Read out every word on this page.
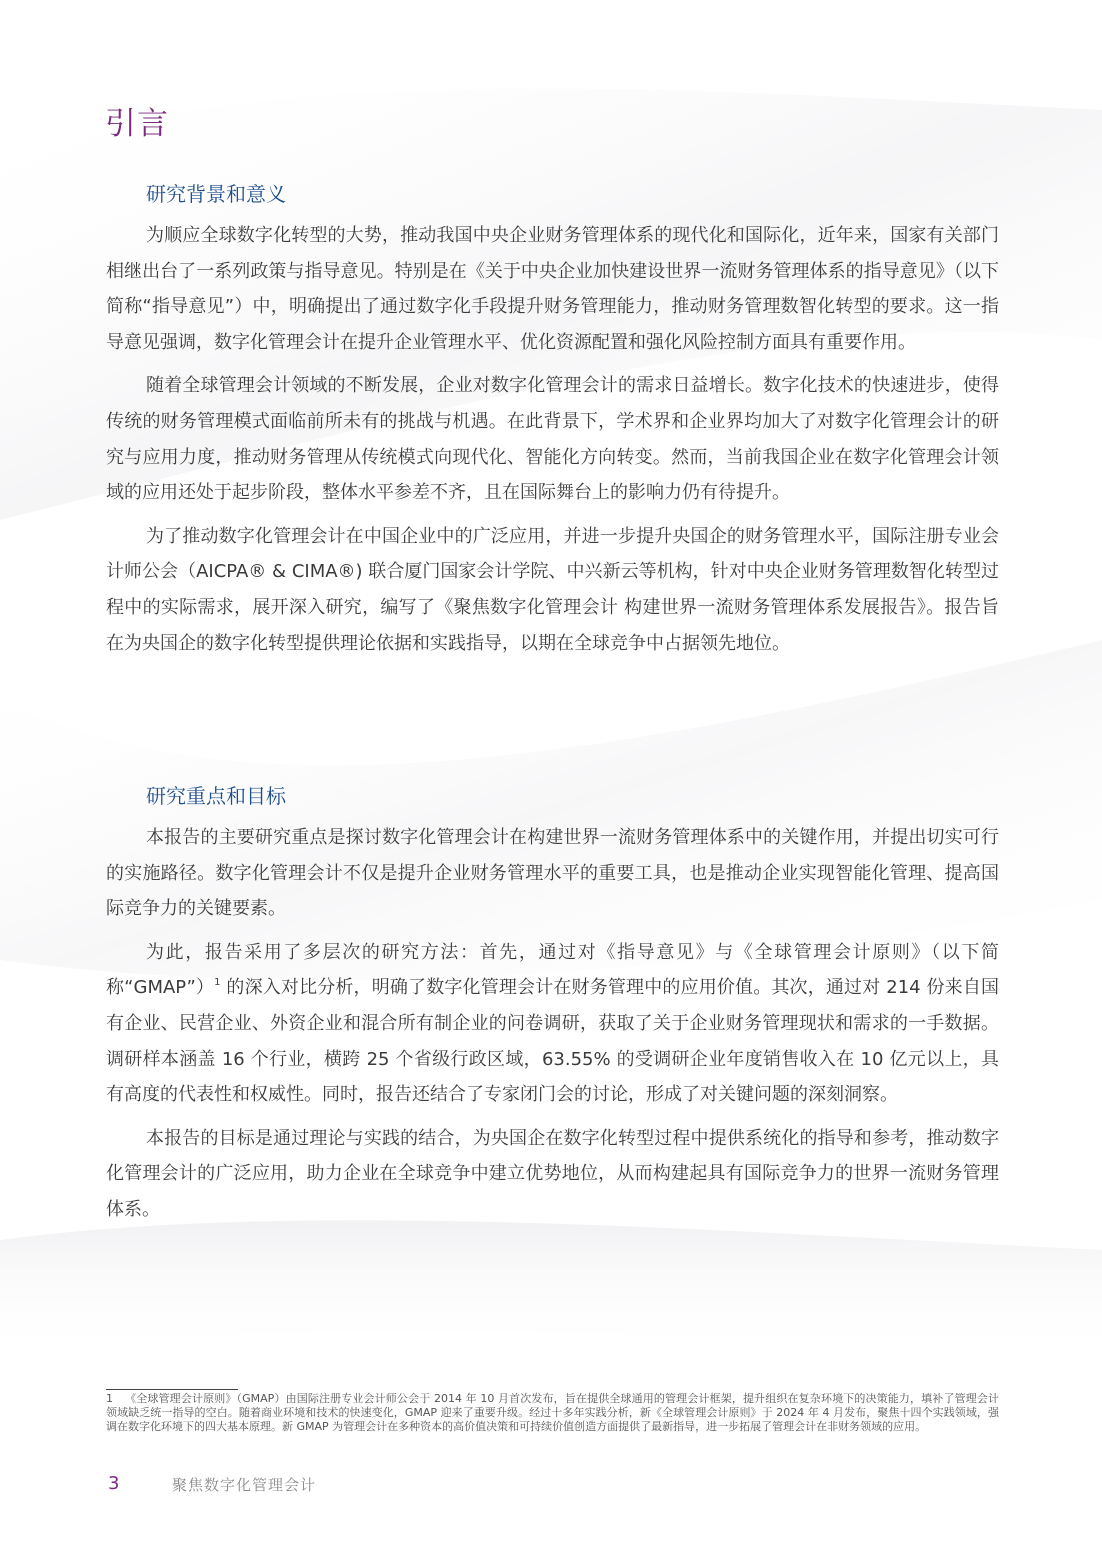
引言
研究背景和意义

为顺应全球数字化转型的大势，推动我国中央企业财务管理体系的现代化和国际化，近年来，国家有关部门相继出台了一系列政策与指导意见。特别是在《关于中央企业加快建设世界一流财务管理体系的指导意见》（以下简称“指导意见”）中，明确提出了通过数字化手段提升财务管理能力，推动财务管理数智化转型的要求。这一指导意见强调，数字化管理会计在提升企业管理水平、优化资源配置和强化风险控制方面具有重要作用。

随着全球管理会计领域的不断发展，企业对数字化管理会计的需求日益增长。数字化技术的快速进步，使得传统的财务管理模式面临前所未有的挑战与机遇。在此背景下，学术界和企业界均加大了对数字化管理会计的研究与应用力度，推动财务管理从传统模式向现代化、智能化方向转变。然而，当前我国企业在数字化管理会计领域的应用还处于起步阶段，整体水平参差不齐，且在国际舞台上的影响力仍有待提升。

为了推动数字化管理会计在中国企业中的广泛应用，并进一步提升央国企的财务管理水平，国际注册专业会计师公会（AICPA® & CIMA®) 联合厦门国家会计学院、中兴新云等机构，针对中央企业财务管理数智化转型过程中的实际需求，展开深入研究，编写了《聚焦数字化管理会计 构建世界一流财务管理体系发展报告》。报告旨在为央国企的数字化转型提供理论依据和实践指导，以期在全球竞争中占据领先地位。

研究重点和目标

本报告的主要研究重点是探讨数字化管理会计在构建世界一流财务管理体系中的关键作用，并提出切实可行的实施路径。数字化管理会计不仅是提升企业财务管理水平的重要工具，也是推动企业实现智能化管理、提高国际竞争力的关键要素。

为此，报告采用了多层次的研究方法：首先，通过对《指导意见》与《全球管理会计原则》（以下简称“GMAP”）$^1$ 的深入对比分析，明确了数字化管理会计在财务管理中的应用价值。其次，通过对 214 份来自国有企业、民营企业、外资企业和混合所有制企业的问卷调研，获取了关于企业财务管理现状和需求的一手数据。调研样本涵盖 16 个行业，横跨 25 个省级行政区域，63.55% 的受调研企业年度销售收入在 10 亿元以上，具有高度的代表性和权威性。同时，报告还结合了专家闭门会的讨论，形成了对关键问题的深刻洞察。

本报告的目标是通过理论与实践的结合，为央国企在数字化转型过程中提供系统化的指导和参考，推动数字化管理会计的广泛应用，助力企业在全球竞争中建立优势地位，从而构建起具有国际竞争力的世界一流财务管理体系。

1 《全球管理会计原则》（GMAP）由国际注册专业会计师公会于 2014 年 10 月首次发布，旨在提供全球通用的管理会计框架，提升组织在复杂环境下的决策能力，填补了管理会计领域缺乏统一指导的空白。随着商业环境和技术的快速变化，GMAP 迎来了重要升级。经过十多年实践分析，新《全球管理会计原则》于 2024 年 4 月发布，聚焦十四个实践领域，强调在数字化环境下的四大基本原理。新 GMAP 为管理会计在多种资本的高价值决策和可持续价值创造方面提供了最新指导，进一步拓展了管理会计在非财务领域的应用。
3	聚焦数字化管理会计
